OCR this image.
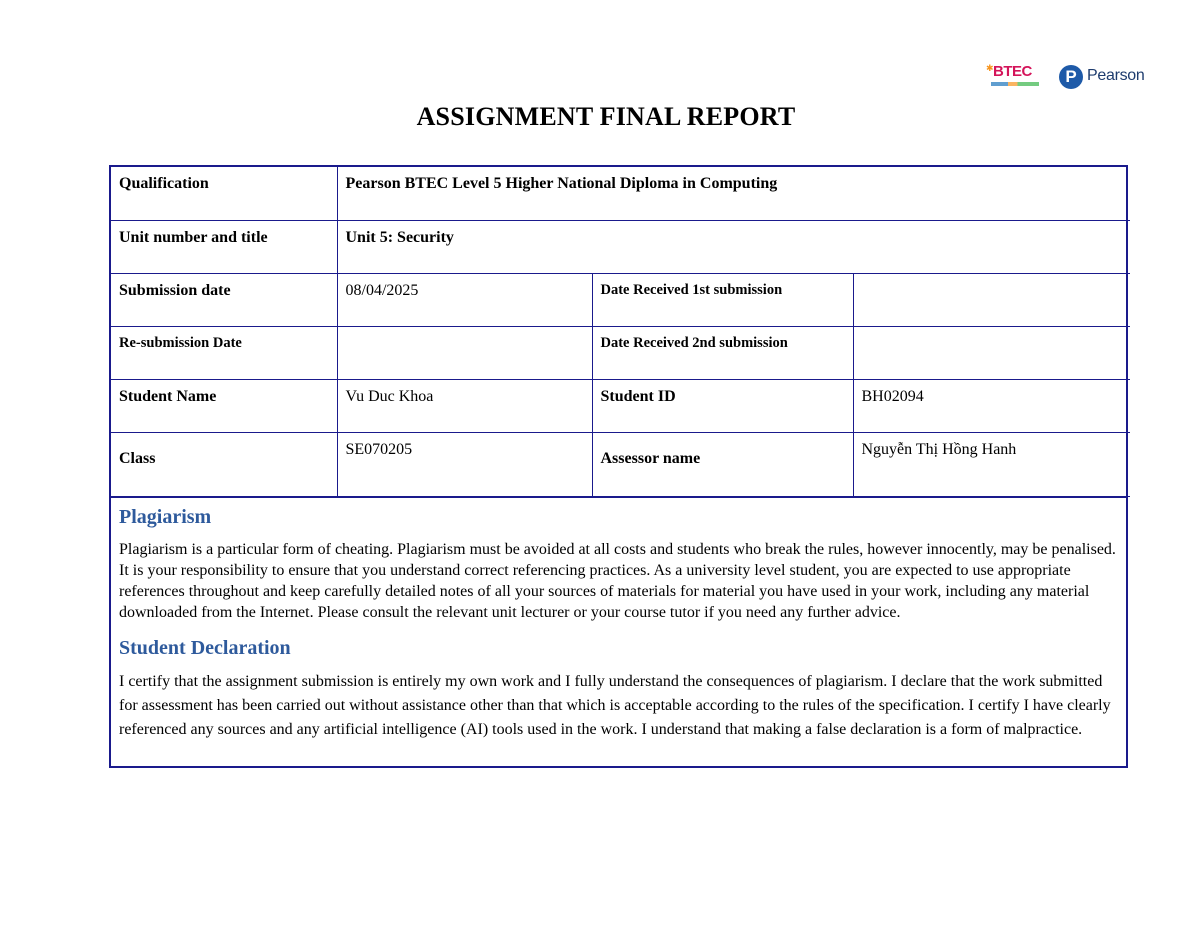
✱ BTEC	P Pearson
ASSIGNMENT FINAL REPORT
Qualification	Pearson BTEC Level 5 Higher National Diploma in Computing		
Unit number and title	Unit 5: Security		
Submission date	08/04/2025	Date Received 1st submission	
Re-submission Date		Date Received 2nd submission	
Student Name	Vu Duc Khoa	Student ID	BH02094
Class	SE070205	Assessor name	Nguyễn Thị Hồng Hanh
Plagiarism

Plagiarism is a particular form of cheating. Plagiarism must be avoided at all costs and students who break the rules, however innocently, may be penalised. It is your responsibility to ensure that you understand correct referencing practices. As a university level student, you are expected to use appropriate references throughout and keep carefully detailed notes of all your sources of materials for material you have used in your work, including any material downloaded from the Internet. Please consult the relevant unit lecturer or your course tutor if you need any further advice.

Student Declaration

I certify that the assignment submission is entirely my own work and I fully understand the consequences of plagiarism. I declare that the work submitted for assessment has been carried out without assistance other than that which is acceptable according to the rules of the specification. I certify I have clearly referenced any sources and any artificial intelligence (AI) tools used in the work. I understand that making a false declaration is a form of malpractice.
